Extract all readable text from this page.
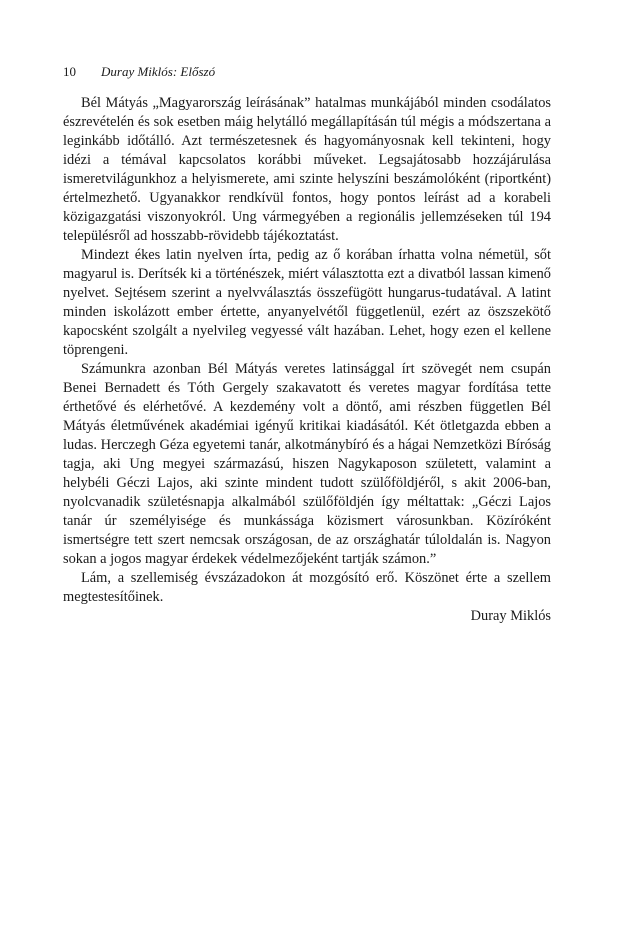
10 Duray Miklós: Előszó

Bél Mátyás „Magyarország leírásának” hatalmas munkájából minden csodálatos észrevételén és sok esetben máig helytálló megállapításán túl mégis a módszertana a leginkább időtálló. Azt természetesnek és hagyományosnak kell tekinteni, hogy idézi a témával kapcsolatos korábbi műveket. Legsajátosabb hozzájárulása ismeretvilágunkhoz a helyismerete, ami szinte helyszíni beszámolóként (riportként) értelmezhető. Ugyanakkor rendkívül fontos, hogy pontos leírást ad a korabeli közigazgatási viszonyokról. Ung vármegyében a regionális jellemzéseken túl 194 településről ad hosszabb-rövidebb tájékoztatást.

Mindezt ékes latin nyelven írta, pedig az ő korában írhatta volna németül, sőt magyarul is. Derítsék ki a történészek, miért választotta ezt a divatból lassan kimenő nyelvet. Sejtésem szerint a nyelvválasztás összefügött hungarus-tudatával. A latint minden iskolázott ember értette, anyanyelvétől függetlenül, ezért az öszszekötő kapocsként szolgált a nyelvileg vegyessé vált hazában. Lehet, hogy ezen el kellene töprengeni.

Számunkra azonban Bél Mátyás veretes latinsággal írt szövegét nem csupán Benei Bernadett és Tóth Gergely szakavatott és veretes magyar fordítása tette érthetővé és elérhetővé. A kezdemény volt a döntő, ami részben független Bél Mátyás életművének akadémiai igényű kritikai kiadásától. Két ötletgazda ebben a ludas. Herczegh Géza egyetemi tanár, alkotmánybíró és a hágai Nemzetközi Bíróság tagja, aki Ung megyei származású, hiszen Nagykaposon született, valamint a helybéli Géczi Lajos, aki szinte mindent tudott szülőföldjéről, s akit 2006-ban, nyolcvanadik születésnapja alkalmából szülőföldjén így méltattak: „Géczi Lajos tanár úr személyisége és munkássága közismert városunkban. Közíróként ismertségre tett szert nemcsak országosan, de az országhatár túloldalán is. Nagyon sokan a jogos magyar érdekek védelmezőjeként tartják számon.”

Lám, a szellemiség évszázadokon át mozgósító erő. Köszönet érte a szellem megtestesítőinek.

Duray Miklós
